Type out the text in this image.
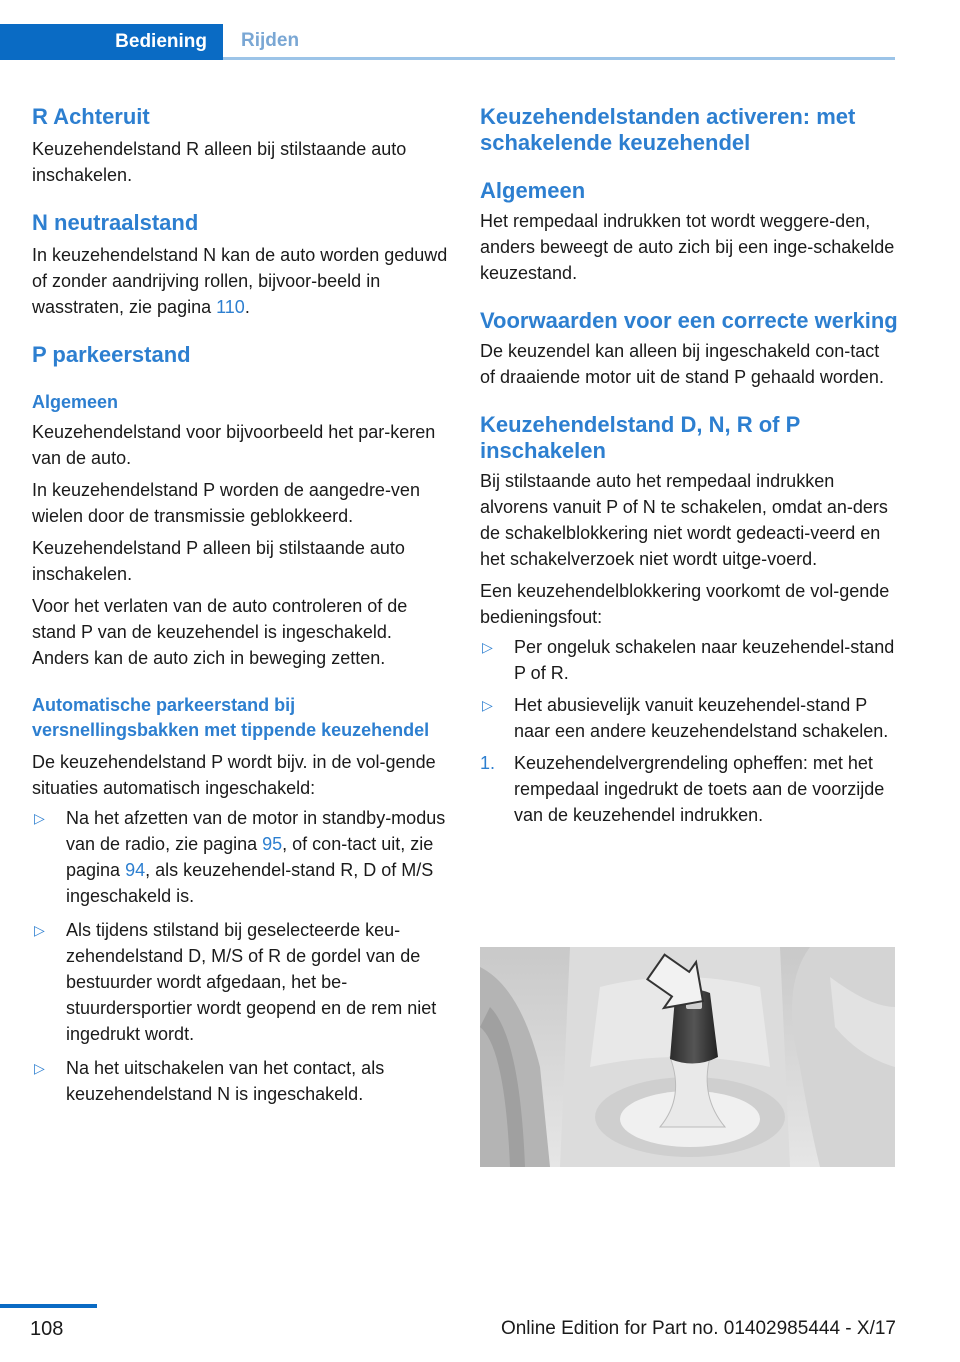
Bediening	Rijden
R Achteruit

Keuzehendelstand R alleen bij stilstaande auto inschakelen.

N neutraalstand

In keuzehendelstand N kan de auto worden geduwd of zonder aandrijving rollen, bijvoor-beeld in wasstraten, zie pagina 110.

P parkeerstand
Algemeen

Keuzehendelstand voor bijvoorbeeld het par-keren van de auto.

In keuzehendelstand P worden de aangedre-ven wielen door de transmissie geblokkeerd.

Keuzehendelstand P alleen bij stilstaande auto inschakelen.

Voor het verlaten van de auto controleren of de stand P van de keuzehendel is ingeschakeld. Anders kan de auto zich in beweging zetten.

Automatische parkeerstand bij versnellingsbakken met tippende keuzehendel

De keuzehendelstand P wordt bijv. in de vol-gende situaties automatisch ingeschakeld:

▷ Na het afzetten van de motor in standby-modus van de radio, zie pagina 95, of con-tact uit, zie pagina 94, als keuzehendel-stand R, D of M/S ingeschakeld is.
▷ Als tijdens stilstand bij geselecteerde keu-zehendelstand D, M/S of R de gordel van de bestuurder wordt afgedaan, het be-stuurdersportier wordt geopend en de rem niet ingedrukt wordt.
▷ Na het uitschakelen van het contact, als keuzehendelstand N is ingeschakeld.
Keuzehendelstanden activeren: met schakelende keuzehendel
Algemeen

Het rempedaal indrukken tot wordt weggere-den, anders beweegt de auto zich bij een inge-schakelde keuzestand.

Voorwaarden voor een correcte werking

De keuzendel kan alleen bij ingeschakeld con-tact of draaiende motor uit de stand P gehaald worden.

Keuzehendelstand D, N, R of P inschakelen

Bij stilstaande auto het rempedaal indrukken alvorens vanuit P of N te schakelen, omdat an-ders de schakelblokkering niet wordt gedeacti-veerd en het schakelverzoek niet wordt uitge-voerd.

Een keuzehendelblokkering voorkomt de vol-gende bedieningsfout:

▷ Per ongeluk schakelen naar keuzehendel-stand P of R.
▷ Het abusievelijk vanuit keuzehendel-stand P naar een andere keuzehendelstand schakelen.
1. Keuzehendelvergrendeling opheffen: met het rempedaal ingedrukt de toets aan de voorzijde van de keuzehendel indrukken.
108	Online Edition for Part no. 01402985444 - X/17
